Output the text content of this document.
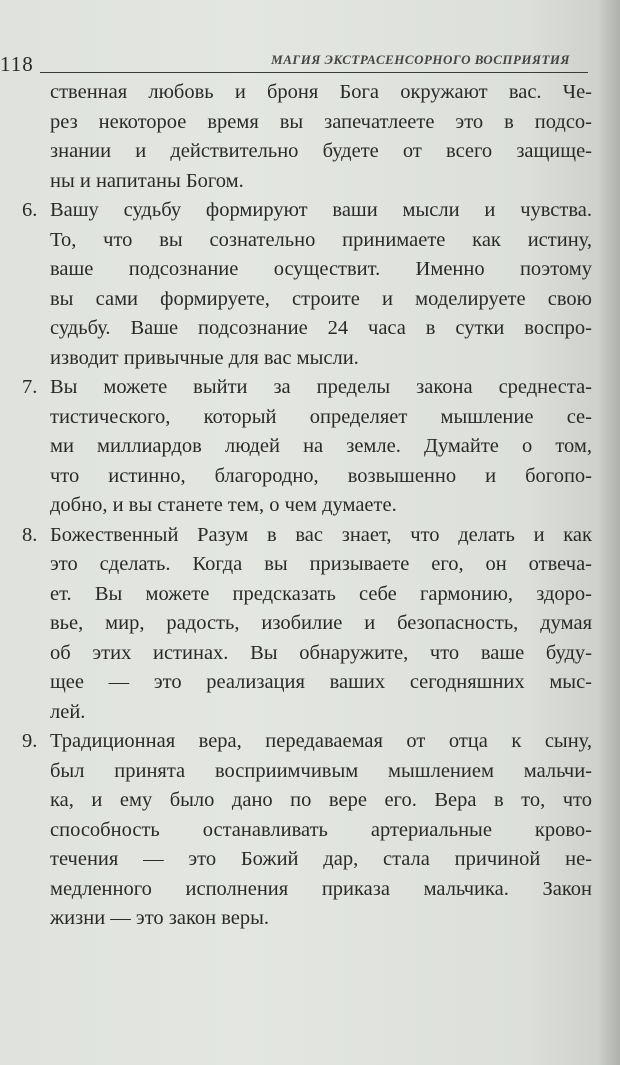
118	МАГИЯ ЭКСТРАСЕНСОРНОГО ВОСПРИЯТИЯ
ственная любовь и броня Бога окружают вас. Че-
рез некоторое время вы запечатлеете это в подсо-
знании и действительно будете от всего защище-
ны и напитаны Богом.
6. Вашу судьбу формируют ваши мысли и чувства.
То, что вы сознательно принимаете как истину,
ваше подсознание осуществит. Именно поэтому
вы сами формируете, строите и моделируете свою
судьбу. Ваше подсознание 24 часа в сутки воспро-
изводит привычные для вас мысли.
7. Вы можете выйти за пределы закона среднеста-
тистического, который определяет мышление се-
ми миллиардов людей на земле. Думайте о том,
что истинно, благородно, возвышенно и богопо-
добно, и вы станете тем, о чем думаете.
8. Божественный Разум в вас знает, что делать и как
это сделать. Когда вы призываете его, он отвеча-
ет. Вы можете предсказать себе гармонию, здоро-
вье, мир, радость, изобилие и безопасность, думая
об этих истинах. Вы обнаружите, что ваше буду-
щее — это реализация ваших сегодняшних мыс-
лей.
9. Традиционная вера, передаваемая от отца к сыну,
был принята восприимчивым мышлением мальчи-
ка, и ему было дано по вере его. Вера в то, что
способность останавливать артериальные крово-
течения — это Божий дар, стала причиной не-
медленного исполнения приказа мальчика. Закон
жизни — это закон веры.
